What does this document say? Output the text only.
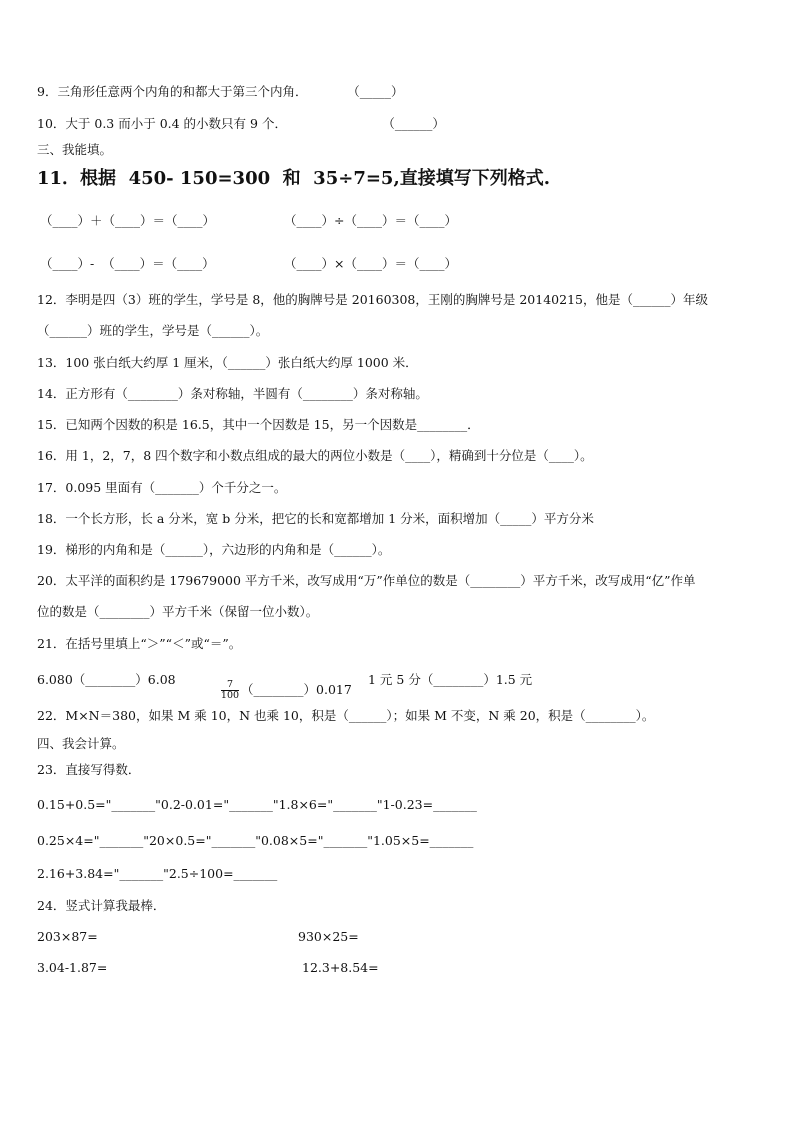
9．三角形任意两个内角的和都大于第三个内角．          （_____）
10．大于 0.3 而小于 0.4 的小数只有 9 个．                        （______）
三、我能填。
11．根据  450- 150=300  和  35÷7=5,直接填写下列格式.
（____）＋（____）＝（____）	（____）÷（____）＝（____）
（____）-  （____）＝（____）	（____）×（____）＝（____）
12．李明是四（3）班的学生，学号是 8，他的胸牌号是 20160308，王刚的胸牌号是 20140215，他是（______）年级
（______）班的学生，学号是（______）。
13．100 张白纸大约厚 1 厘米，（______）张白纸大约厚 1000 米．
14．正方形有（________）条对称轴，半圆有（________）条对称轴。
15．已知两个因数的积是 16.5，其中一个因数是 15，另一个因数是________．
16．用 1，2，7，8 四个数字和小数点组成的最大的两位小数是（____），精确到十分位是（____）。
17．0.095 里面有（_______）个千分之一。
18．一个长方形，长 a 分米，宽 b 分米，把它的长和宽都增加 1 分米，面积增加（_____）平方分米
19．梯形的内角和是（______），六边形的内角和是（______）。
20．太平洋的面积约是 179679000 平方千米，改写成用“万”作单位的数是（________）平方千米，改写成用“亿”作单
位的数是（________）平方千米（保留一位小数）。
21．在括号里填上“＞”“＜”或“＝”。
6.080（________）6.08

$\frac{7}{100}$ （________）0.017

1 元 5 分（________）1.5 元
22．M×N＝380，如果 M 乘 10，N 也乘 10，积是（______）；如果 M 不变，N 乘 20，积是（________）。
四、我会计算。
23．直接写得数．
0.15+0.5="_______"0.2-0.01="_______"1.8×6="_______"1-0.23=_______
0.25×4="_______"20×0.5="_______"0.08×5="_______"1.05×5=_______
2.16+3.84="_______"2.5÷100=_______
24．竖式计算我最棒．
203×87=	930×25=
3.04-1.87=	12.3+8.54=
